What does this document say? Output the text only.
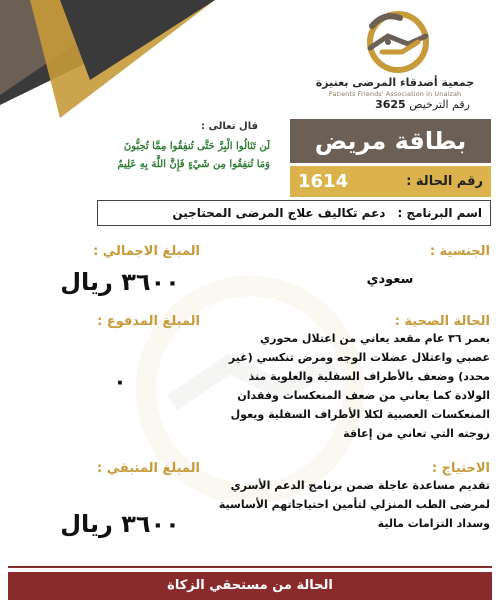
جمعية أصدقاء المرضى بعنيزة
Patients Friends' Association in Unaizah
رقم الترخيص 3625
قال تعالى :
لَن تَنَالُوا الْبِرَّ حَتَّى تُنفِقُوا مِمَّا تُحِبُّونَ
وَمَا تُنفِقُوا مِن شَيْءٍ فَإِنَّ اللَّهَ بِهِ عَلِيمٌ
بطاقة مريض
رقم الحالة :
1614
اسم البرنامج :
دعم تكاليف علاج المرضى المحتاجين
الجنسية :
المبلغ الاجمالي :
سعودي
٣٦٠٠ ريال
الحالة الصحية :
المبلغ المدفوع :
بعمر ٣٦ عام مقعد يعاني من اعتلال محوري عصبي واعتلال عضلات الوجه ومرض تنكسي (غير محدد) وضعف بالأطراف السفلية والعلوية منذ الولادة كما يعاني من ضعف المنعكسات وفقدان المنعكسات العصبية لكلا الأطراف السفلية ويعول زوجته التي تعاني من إعاقة
٠
الاحتياج :
المبلغ المتبقي :
تقديم مساعدة عاجلة ضمن برنامج الدعم الأسري لمرضى الطب المنزلي لتأمين احتياجاتهم الأساسية وسداد التزامات مالية
٣٦٠٠ ريال
الحالة من مستحقي الزكاة
